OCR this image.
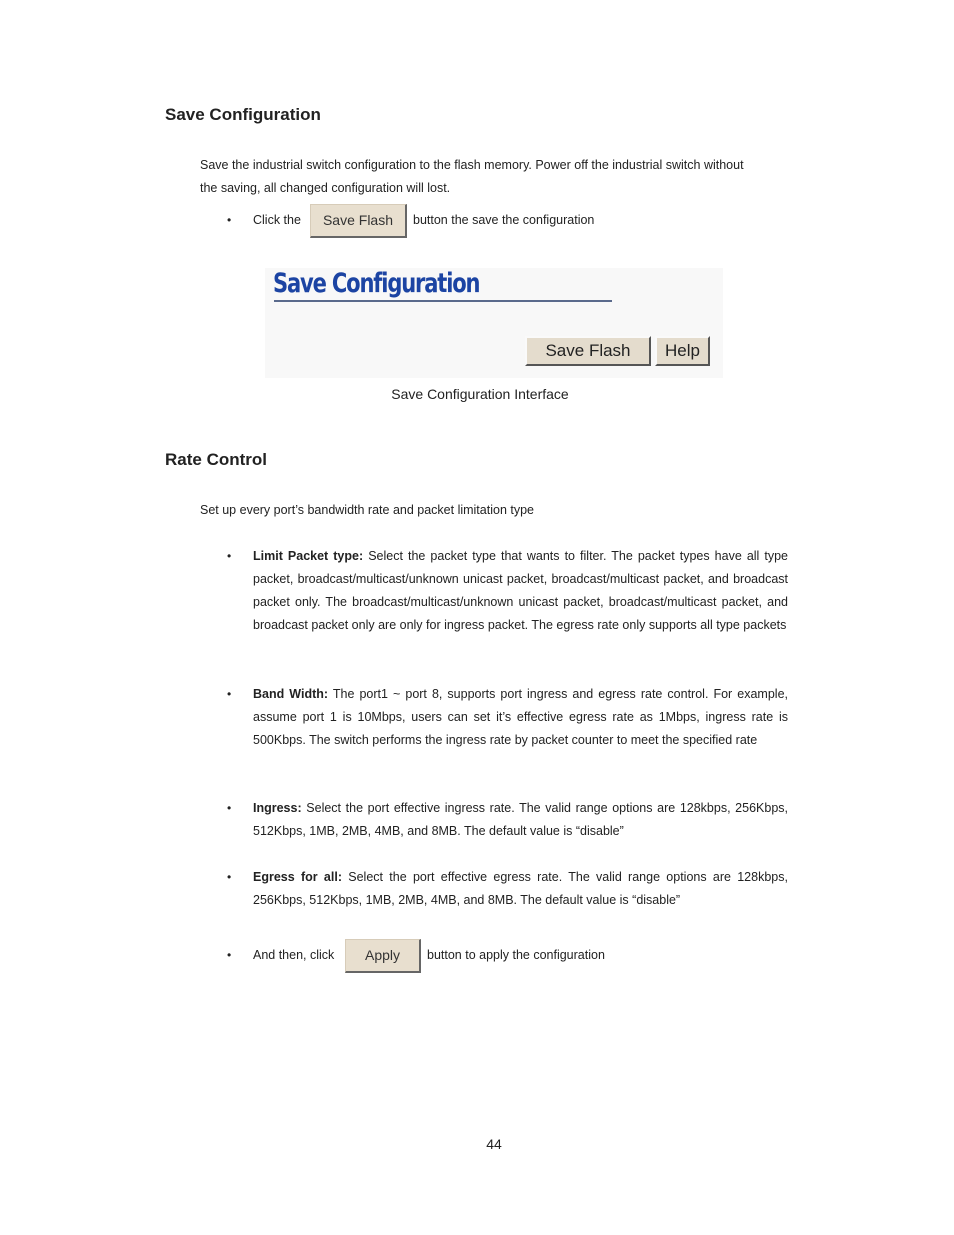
Save Configuration
Save the industrial switch configuration to the flash memory. Power off the industrial switch without
the saving, all changed configuration will lost.
• Click the	Save Flash	button the save the configuration
Save Configuration
Save Flash	Help
Save Configuration Interface
Rate Control
Set up every port’s bandwidth rate and packet limitation type
• Limit Packet type: Select the packet type that wants to filter. The packet types have all type packet, broadcast/multicast/unknown unicast packet, broadcast/multicast packet, and broadcast packet only. The broadcast/multicast/unknown unicast packet, broadcast/multicast packet, and broadcast packet only are only for ingress packet. The egress rate only supports all type packets
• Band Width: The port1 ~ port 8, supports port ingress and egress rate control. For example, assume port 1 is 10Mbps, users can set it’s effective egress rate as 1Mbps, ingress rate is 500Kbps. The switch performs the ingress rate by packet counter to meet the specified rate
• Ingress: Select the port effective ingress rate. The valid range options are 128kbps, 256Kbps, 512Kbps, 1MB, 2MB, 4MB, and 8MB. The default value is “disable”
• Egress for all: Select the port effective egress rate. The valid range options are 128kbps, 256Kbps, 512Kbps, 1MB, 2MB, 4MB, and 8MB. The default value is “disable”
• And then, click	Apply	button to apply the configuration
44
